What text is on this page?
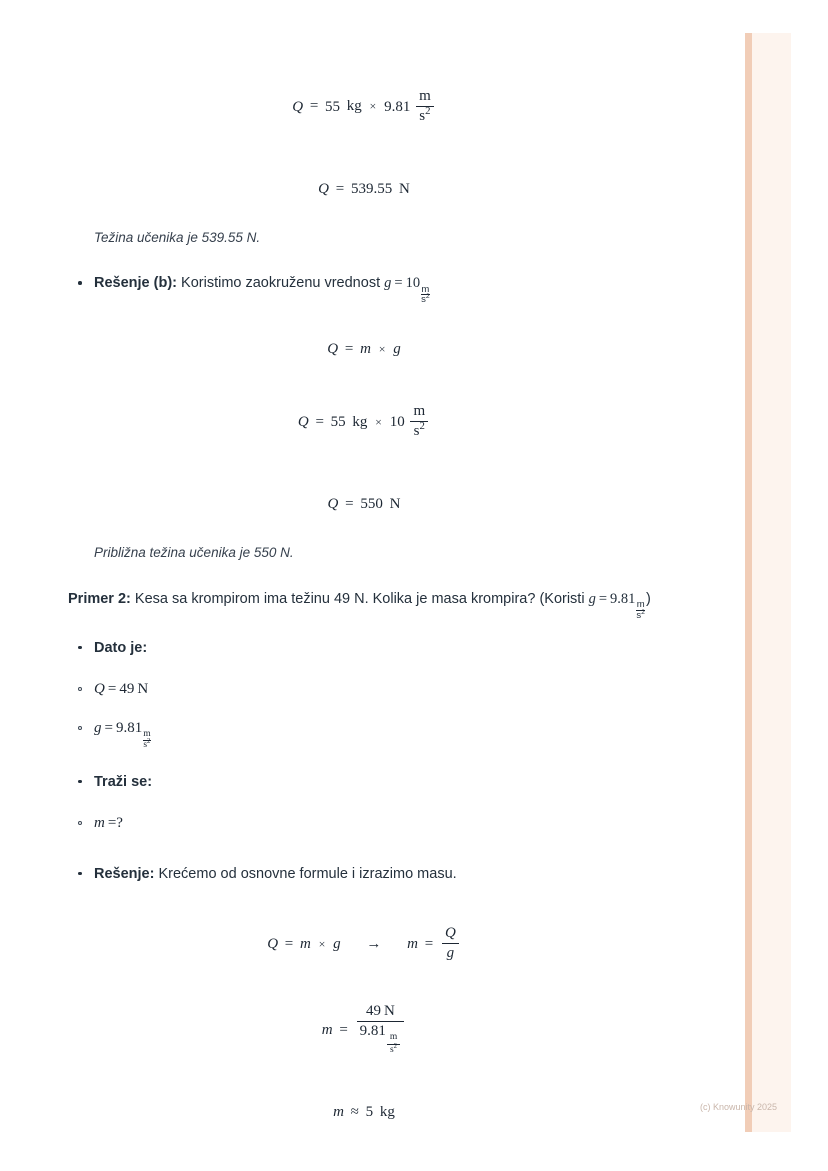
Q = 55 kg × $9.81 \frac{m}{s^2}$
Q = 539.55 N
Težina učenika je 539.55 N.
Rešenje (b): Koristimo zaokruženu vrednost g = 10
$\frac{m}{s^2}$
Q = m × g
Q = 55 kg × $10 \frac{m}{s^2}$
Q = 550 N
Približna težina učenika je 550 N.

Primer 2: Kesa sa krompirom ima težinu 49 N. Kolika je masa krompira? (Koristi g = 9.81
$\frac{m}{s^2}$
)

Dato je:
Q = 49 N
g = 9.81
$\frac{m}{s^2}$
Traži se:
m =?
Rešenje: Krećemo od osnovne formule i izrazimo masu.
$Q = m \times g \to m = \frac{Q}{g}$
m = 49 N
9.81
$\frac{m}{s^2}$
m ≈ 5 kg	(c) Knowunity 2025
